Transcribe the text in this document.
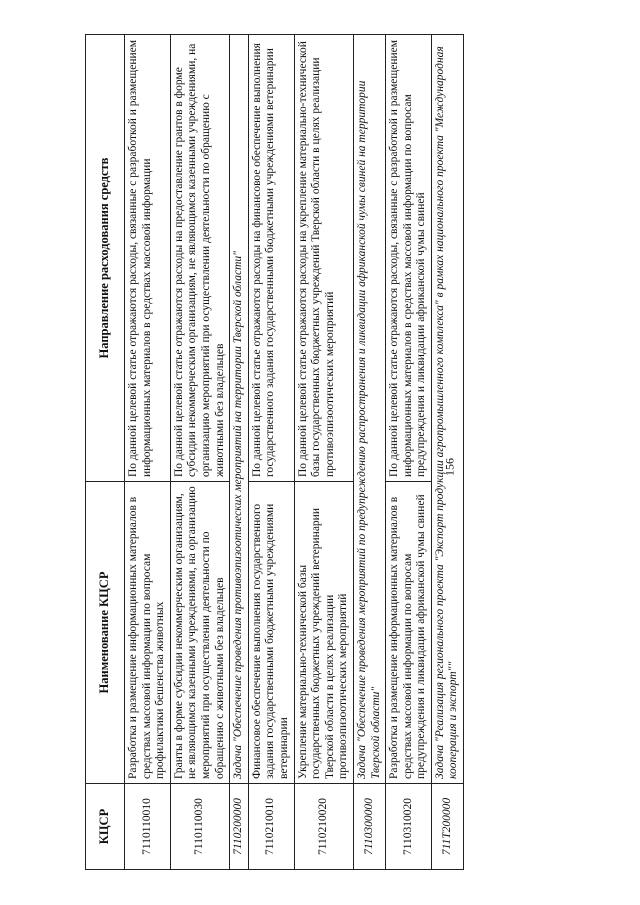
156
КЦСР	Наименование КЦСР	Направление расходования средств
7110110010	Разработка и размещение информационных материалов в средствах массовой информации по вопросам профилактики бешенства животных	По данной целевой статье отражаются расходы, связанные с разработкой и размещением информационных материалов в средствах массовой информации
7110110030	Гранты в форме субсидии некоммерческим организациям, не являющимся казенными учреждениями, на организацию мероприятий при осуществлении деятельности по обращению с животными без владельцев	По данной целевой статье отражаются расходы на предоставление грантов в форме субсидии некоммерческим организациям, не являющимся казенными учреждениями, на организацию мероприятий при осуществлении деятельности по обращению с животными без владельцев
7110200000	Задача "Обеспечение проведения противоэпизоотических мероприятий на территории Тверской области"	
7110210010	Финансовое обеспечение выполнения государственного задания государственными бюджетными учреждениями ветеринарии	По данной целевой статье отражаются расходы на финансовое обеспечение выполнения государственного задания государственными бюджетными учреждениями ветеринарии
7110210020	Укрепление материально-технической базы государственных бюджетных учреждений ветеринарии Тверской области в целях реализации противоэпизоотических мероприятий	По данной целевой статье отражаются расходы на укрепление материально-технической базы государственных бюджетных учреждений Тверской области в целях реализации противоэпизоотических мероприятий
7110300000	Задача "Обеспечение проведения мероприятий по предупреждению распространения и ликвидации африканской чумы свиней на территории Тверской области"	
7110310020	Разработка и размещение информационных материалов в средствах массовой информации по вопросам предупреждения и ликвидации африканской чумы свиней	По данной целевой статье отражаются расходы, связанные с разработкой и размещением информационных материалов в средствах массовой информации по вопросам предупреждения и ликвидации африканской чумы свиней
711Т200000	Задача "Реализация регионального проекта "Экспорт продукции агропромышленного комплекса" в рамках национального проекта "Международная кооперация и экспорт""	
